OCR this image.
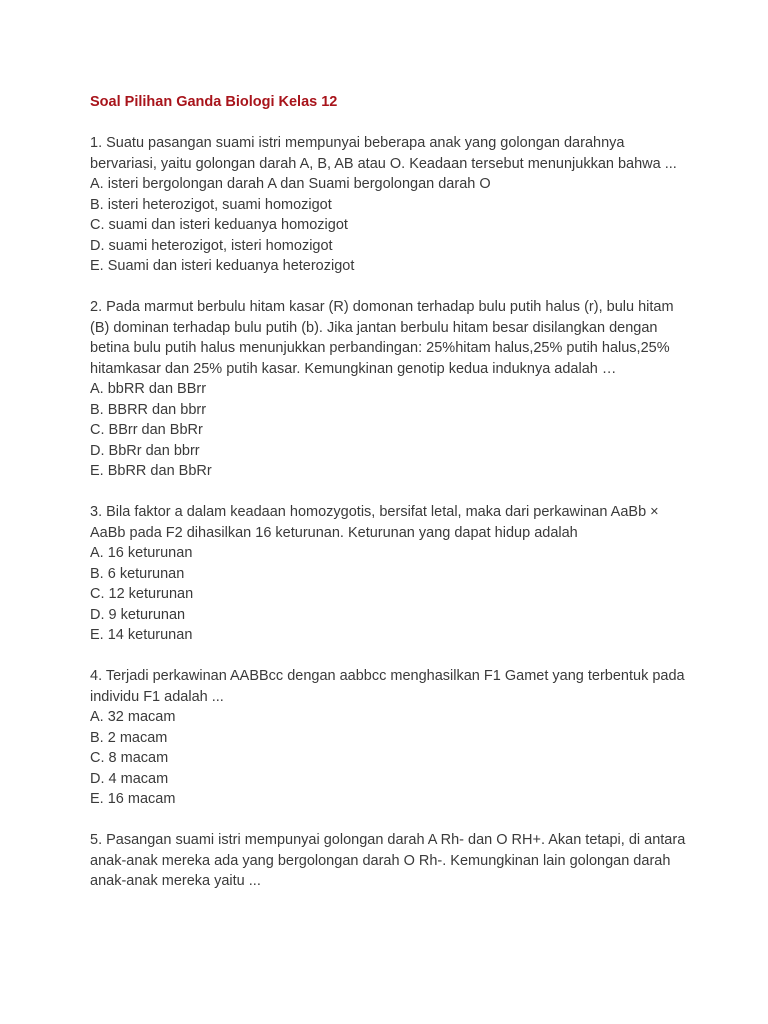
Soal Pilihan Ganda Biologi Kelas 12

1. Suatu pasangan suami istri mempunyai beberapa anak yang golongan darahnya bervariasi, yaitu golongan darah A, B, AB atau O. Keadaan tersebut menunjukkan bahwa ...

A. isteri bergolongan darah A dan Suami bergolongan darah O
B. isteri heterozigot, suami homozigot
C. suami dan isteri keduanya homozigot
D. suami heterozigot, isteri homozigot
E. Suami dan isteri keduanya heterozigot

2. Pada marmut berbulu hitam kasar (R) domonan terhadap bulu putih halus (r), bulu hitam (B) dominan terhadap bulu putih (b). Jika jantan berbulu hitam besar disilangkan dengan betina bulu putih halus menunjukkan perbandingan: 25%hitam halus,25% putih halus,25% hitamkasar dan 25% putih kasar. Kemungkinan genotip kedua induknya adalah …

A. bbRR dan BBrr
B. BBRR dan bbrr
C. BBrr dan BbRr
D. BbRr dan bbrr
E. BbRR dan BbRr

3. Bila faktor a dalam keadaan homozygotis, bersifat letal, maka dari perkawinan AaBb × AaBb pada F2 dihasilkan 16 keturunan. Keturunan yang dapat hidup adalah

A. 16 keturunan
B. 6 keturunan
C. 12 keturunan
D. 9 keturunan
E. 14 keturunan

4. Terjadi perkawinan AABBcc dengan aabbcc menghasilkan F1 Gamet yang terbentuk pada individu F1 adalah ...

A. 32 macam
B. 2 macam
C. 8 macam
D. 4 macam
E. 16 macam

5. Pasangan suami istri mempunyai golongan darah A Rh- dan O RH+. Akan tetapi, di antara anak-anak mereka ada yang bergolongan darah O Rh-. Kemungkinan lain golongan darah anak-anak mereka yaitu ...
